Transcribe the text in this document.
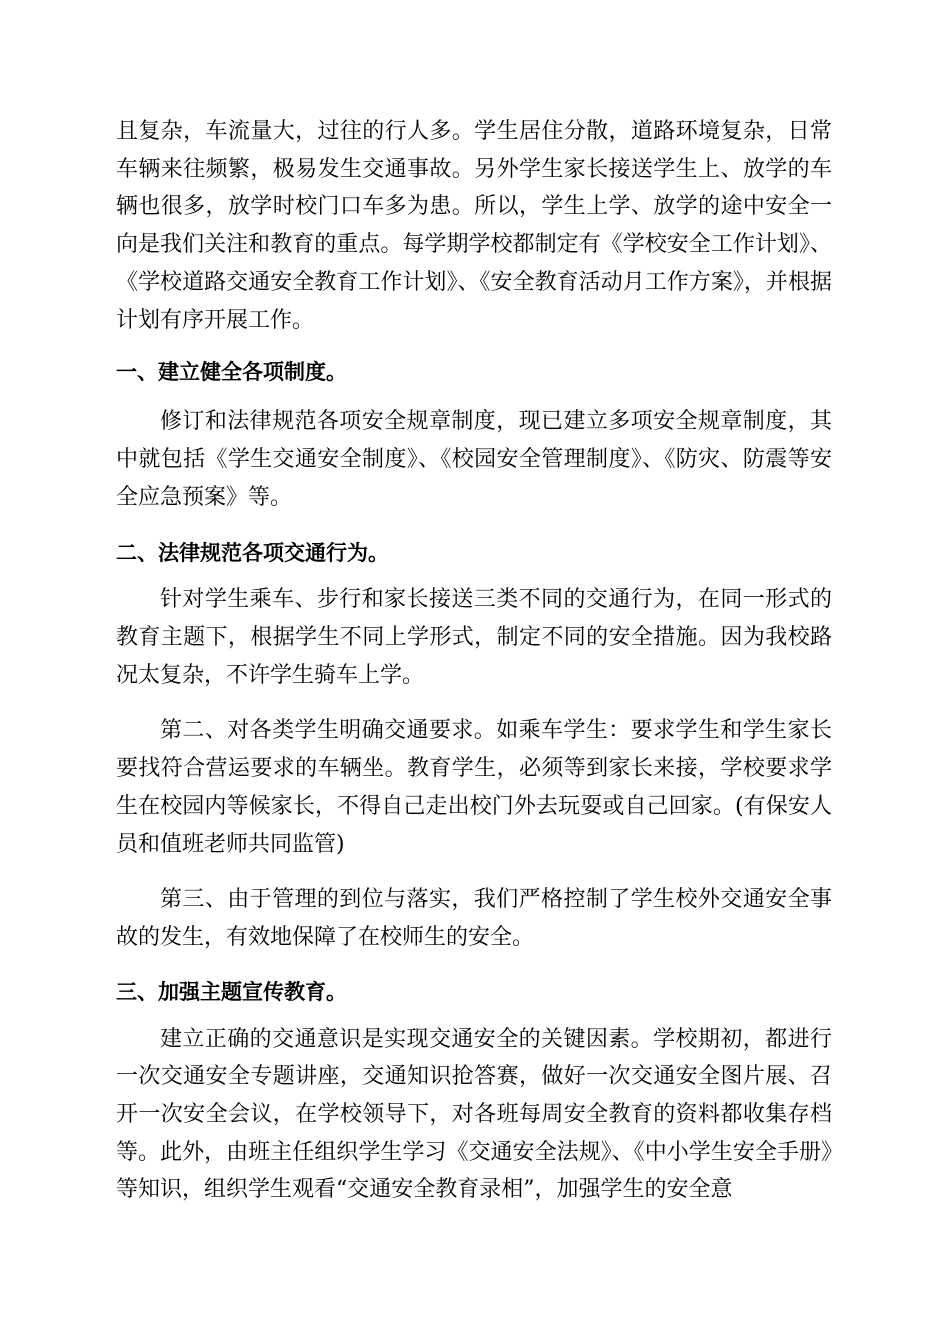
且复杂，车流量大，过往的行人多。学生居住分散，道路环境复杂，日常车辆来往频繁，极易发生交通事故。另外学生家长接送学生上、放学的车辆也很多，放学时校门口车多为患。所以，学生上学、放学的途中安全一向是我们关注和教育的重点。每学期学校都制定有《学校安全工作计划》、《学校道路交通安全教育工作计划》、《安全教育活动月工作方案》，并根据计划有序开展工作。

一、建立健全各项制度。

修订和法律规范各项安全规章制度，现已建立多项安全规章制度，其中就包括《学生交通安全制度》、《校园安全管理制度》、《防灾、防震等安全应急预案》等。

二、法律规范各项交通行为。

针对学生乘车、步行和家长接送三类不同的交通行为，在同一形式的教育主题下，根据学生不同上学形式，制定不同的安全措施。因为我校路况太复杂，不许学生骑车上学。

第二、对各类学生明确交通要求。如乘车学生：要求学生和学生家长要找符合营运要求的车辆坐。教育学生，必须等到家长来接，学校要求学生在校园内等候家长，不得自己走出校门外去玩耍或自己回家。(有保安人员和值班老师共同监管)

第三、由于管理的到位与落实，我们严格控制了学生校外交通安全事故的发生，有效地保障了在校师生的安全。

三、加强主题宣传教育。

建立正确的交通意识是实现交通安全的关键因素。学校期初，都进行一次交通安全专题讲座，交通知识抢答赛，做好一次交通安全图片展、召开一次安全会议，在学校领导下，对各班每周安全教育的资料都收集存档等。此外，由班主任组织学生学习《交通安全法规》、《中小学生安全手册》等知识，组织学生观看“交通安全教育录相”，加强学生的安全意
